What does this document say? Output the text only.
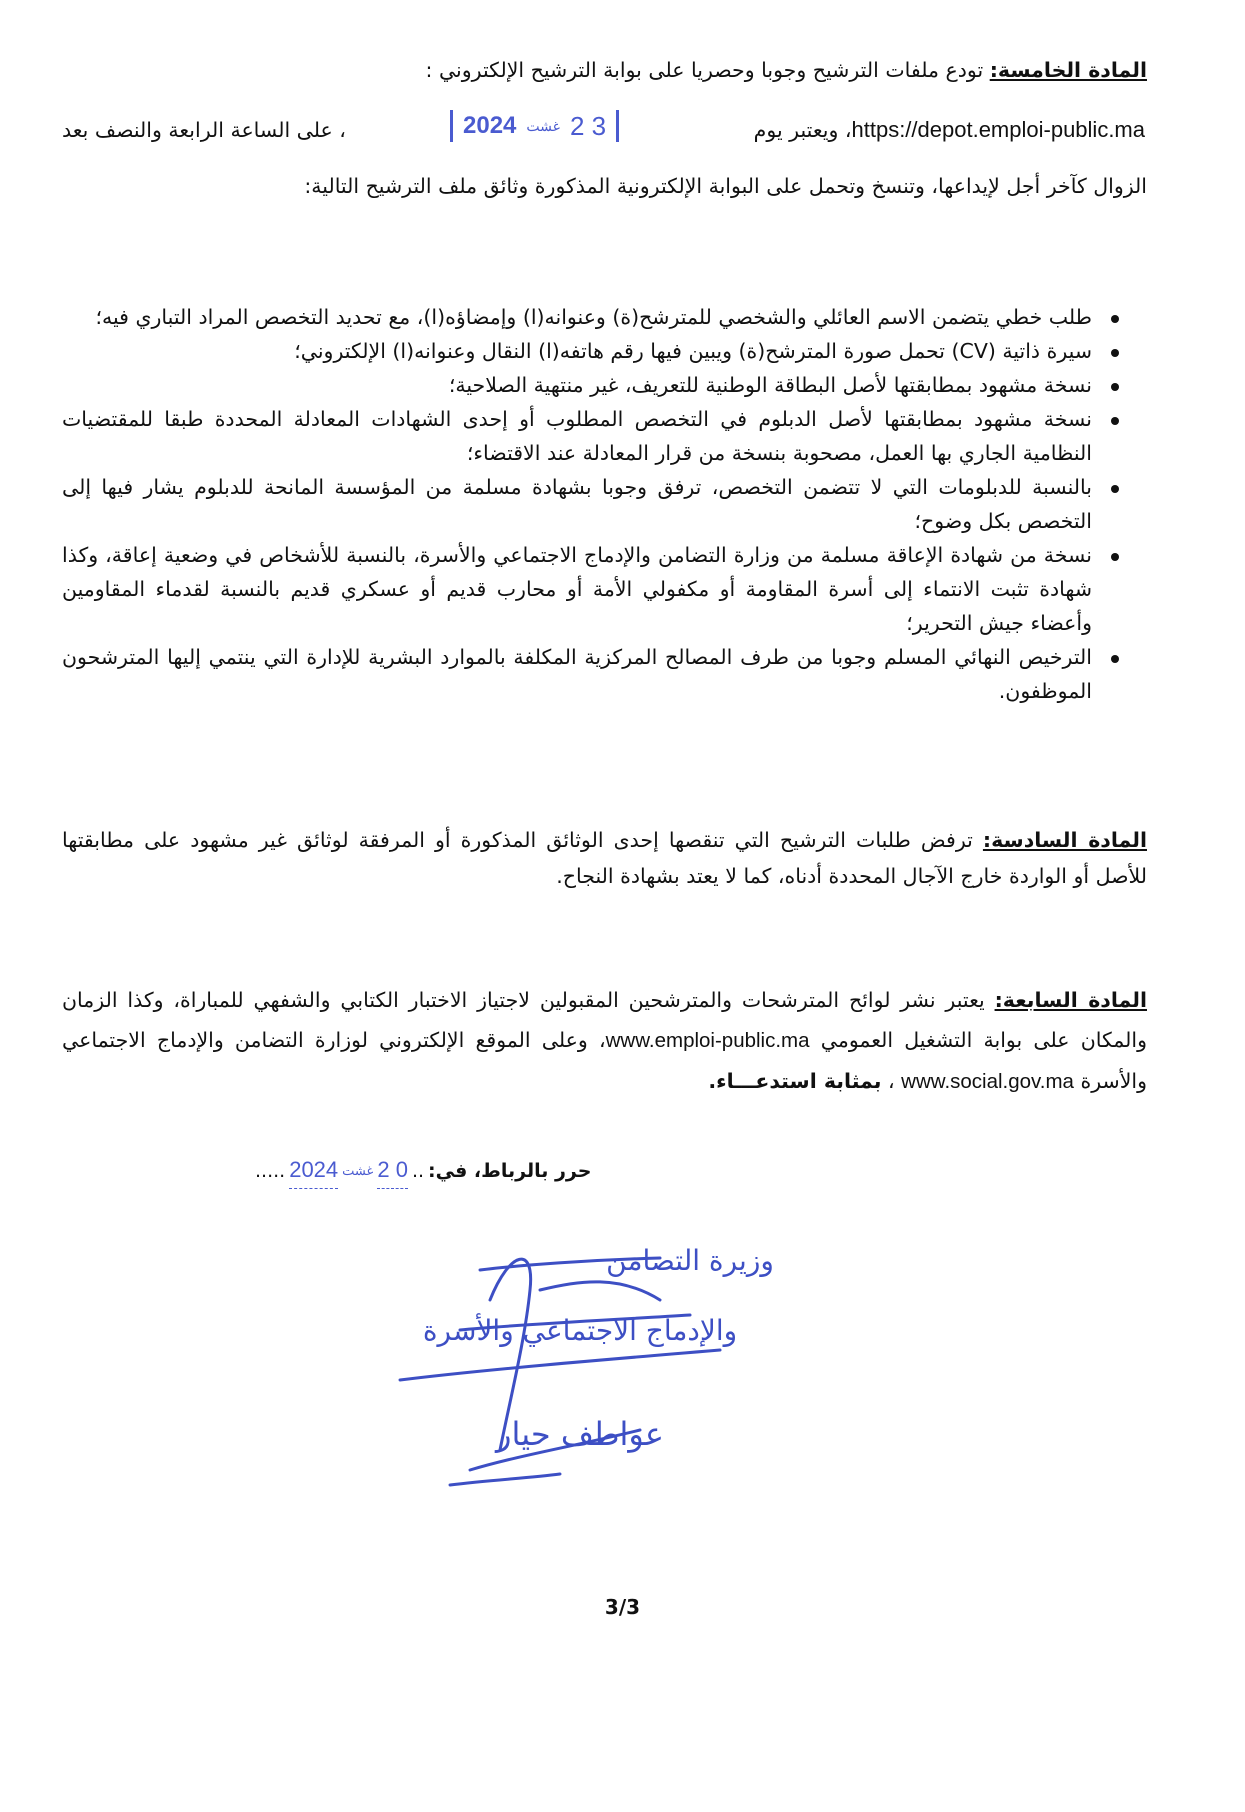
المادة الخامسة: تودع ملفات الترشيح وجوبا وحصريا على بوابة الترشيح الإلكتروني :
https://depot.emploi-public.ma، ويعتبر يوم
2024 غشت 2 3
، على الساعة الرابعة والنصف بعد
الزوال كآخر أجل لإيداعها، وتنسخ وتحمل على البوابة الإلكترونية المذكورة وثائق ملف الترشيح التالية:
طلب خطي يتضمن الاسم العائلي والشخصي للمترشح(ة) وعنوانه(ا) وإمضاؤه(ا)، مع تحديد التخصص المراد التباري فيه؛
سيرة ذاتية (CV) تحمل صورة المترشح(ة) ويبين فيها رقم هاتفه(ا) النقال وعنوانه(ا) الإلكتروني؛
نسخة مشهود بمطابقتها لأصل البطاقة الوطنية للتعريف، غير منتهية الصلاحية؛
نسخة مشهود بمطابقتها لأصل الدبلوم في التخصص المطلوب أو إحدى الشهادات المعادلة المحددة طبقا للمقتضيات النظامية الجاري بها العمل، مصحوبة بنسخة من قرار المعادلة عند الاقتضاء؛
بالنسبة للدبلومات التي لا تتضمن التخصص، ترفق وجوبا بشهادة مسلمة من المؤسسة المانحة للدبلوم يشار فيها إلى التخصص بكل وضوح؛
نسخة من شهادة الإعاقة مسلمة من وزارة التضامن والإدماج الاجتماعي والأسرة، بالنسبة للأشخاص في وضعية إعاقة، وكذا شهادة تثبت الانتماء إلى أسرة المقاومة أو مكفولي الأمة أو محارب قديم أو عسكري قديم بالنسبة لقدماء المقاومين وأعضاء جيش التحرير؛
الترخيص النهائي المسلم وجوبا من طرف المصالح المركزية المكلفة بالموارد البشرية للإدارة التي ينتمي إليها المترشحون الموظفون.
المادة السادسة: ترفض طلبات الترشيح التي تنقصها إحدى الوثائق المذكورة أو المرفقة لوثائق غير مشهود على مطابقتها للأصل أو الواردة خارج الآجال المحددة أدناه، كما لا يعتد بشهادة النجاح.
المادة السابعة: يعتبر نشر لوائح المترشحات والمترشحين المقبولين لاجتياز الاختبار الكتابي والشفهي للمباراة، وكذا الزمان والمكان على بوابة التشغيل العمومي www.emploi-public.ma، وعلى الموقع الإلكتروني لوزارة التضامن والإدماج الاجتماعي والأسرة www.social.gov.ma ، بمثابة استدعـــاء.
حرر بالرباط، في:
..
0 2
غشت
2024
.....
وزيرة التضامن
والإدماج الاجتماعي والأسرة
عواطف حيار
3/3
